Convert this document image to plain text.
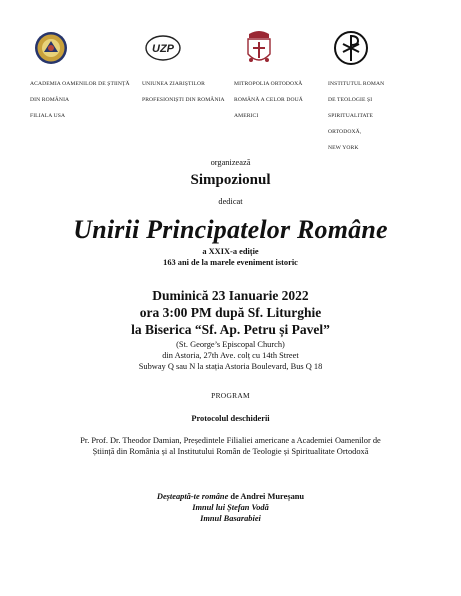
UZP

ACADEMIA OAMENILOR DE ȘTIINȚĂ

DIN ROMÂNIA

FILIALA USA

UNIUNEA ZIARIȘTILOR

PROFESIONIȘTI DIN ROMÂNIA

MITROPOLIA ORTODOXĂ

ROMÂNĂ A CELOR DOUĂ

AMERICI

INSTITUTUL ROMAN

DE TEOLOGIE ȘI

SPIRITUALITATE

ORTODOXĂ,

NEW YORK

organizează
Simpozionul
dedicat
Unirii Principatelor Române
a XXIX-a ediție
163 ani de la marele eveniment istoric
Duminică 23 Ianuarie 2022
ora 3:00 PM după Sf. Liturghie
la Biserica “Sf. Ap. Petru și Pavel”
(St. George’s Episcopal Church)
din Astoria, 27th Ave. colț cu 14th Street
Subway Q sau N la stația Astoria Boulevard, Bus Q 18
PROGRAM
Protocolul deschiderii
Pr. Prof. Dr. Theodor Damian, Președintele Filialiei americane a Academiei Oamenilor de
Știință din România și al Institutului Român de Teologie și Spiritualitate Ortodoxă
Deșteaptă-te române de Andrei Mureșanu
Imnul lui Ștefan Vodă
Imnul Basarabiei
